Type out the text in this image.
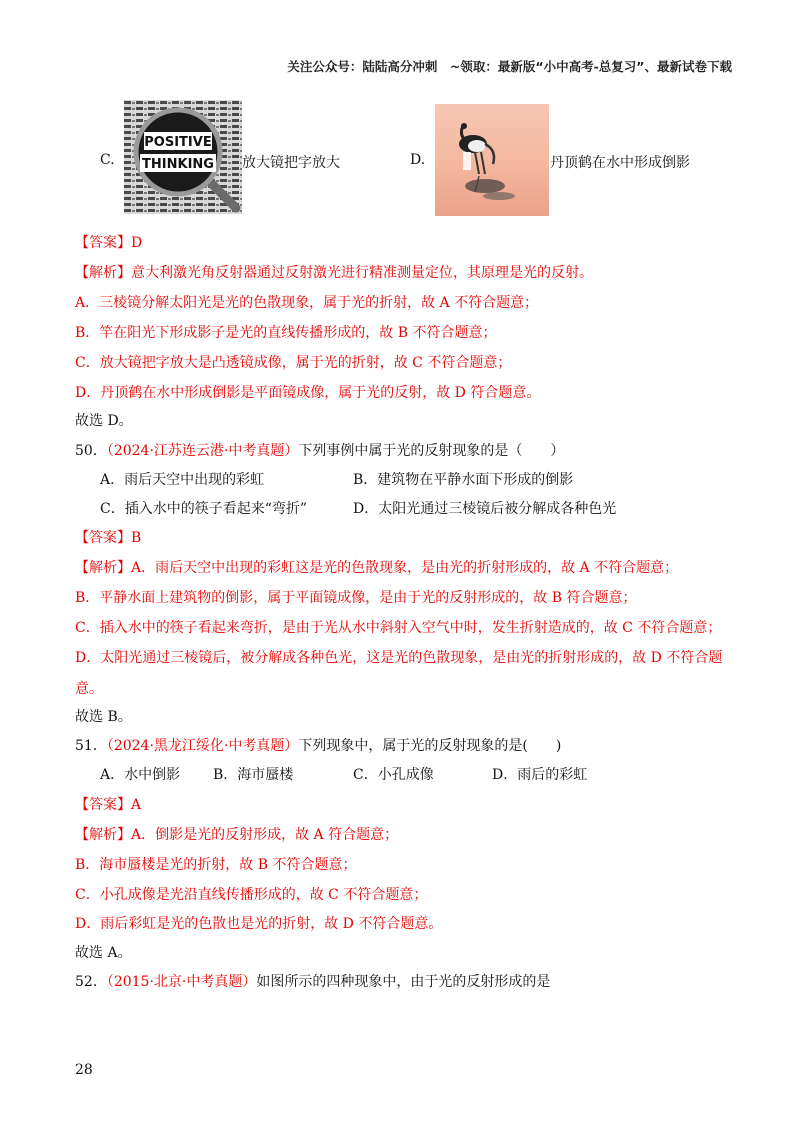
关注公众号：陆陆高分冲刺　~领取：最新版“小中高考-总复习”、最新试卷下载
C.
POSITIVE
THINKING 放大镜把字放大	D.	丹顶鹤在水中形成倒影
【答案】D
【解析】意大利激光角反射器通过反射激光进行精准测量定位，其原理是光的反射。
A．三棱镜分解太阳光是光的色散现象，属于光的折射，故 A 不符合题意；
B．竿在阳光下形成影子是光的直线传播形成的，故 B 不符合题意；
C．放大镜把字放大是凸透镜成像，属于光的折射，故 C 不符合题意；
D．丹顶鹤在水中形成倒影是平面镜成像，属于光的反射，故 D 符合题意。
故选 D。
50．（2024·江苏连云港·中考真题）下列事例中属于光的反射现象的是（　　）
A．雨后天空中出现的彩虹	B．建筑物在平静水面下形成的倒影
C．插入水中的筷子看起来“弯折”	D．太阳光通过三棱镜后被分解成各种色光
【答案】B
【解析】A．雨后天空中出现的彩虹这是光的色散现象，是由光的折射形成的，故 A 不符合题意；
B．平静水面上建筑物的倒影，属于平面镜成像，是由于光的反射形成的，故 B 符合题意；
C．插入水中的筷子看起来弯折，是由于光从水中斜射入空气中时，发生折射造成的，故 C 不符合题意；
D．太阳光通过三棱镜后，被分解成各种色光，这是光的色散现象，是由光的折射形成的，故 D 不符合题
意。
故选 B。
51．（2024·黑龙江绥化·中考真题）下列现象中，属于光的反射现象的是(　　)
A．水中倒影 B．海市蜃楼	C．小孔成像	D．雨后的彩虹
【答案】A
【解析】A．倒影是光的反射形成，故 A 符合题意；
B．海市蜃楼是光的折射，故 B 不符合题意；
C．小孔成像是光沿直线传播形成的，故 C 不符合题意；
D．雨后彩虹是光的色散也是光的折射，故 D 不符合题意。
故选 A。
52．（2015·北京·中考真题）如图所示的四种现象中，由于光的反射形成的是
28
